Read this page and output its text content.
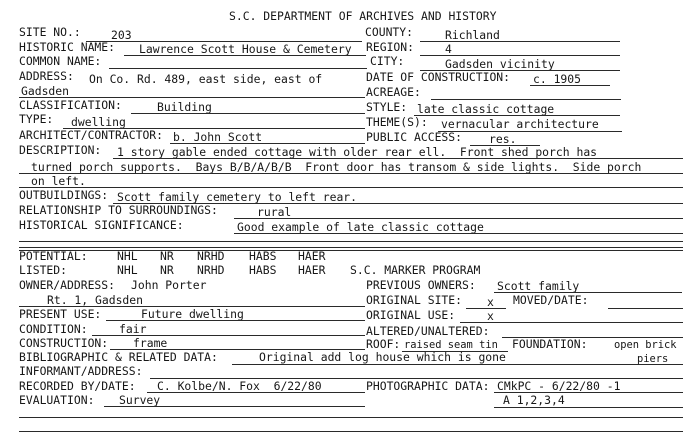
S.C. DEPARTMENT OF ARCHIVES AND HISTORY
SITE NO.:	203	COUNTY:	Richland
HISTORIC NAME: Lawrence Scott House & Cemetery REGION:	4
COMMON NAME:	CITY:	Gadsden vicinity
ADDRESS: On Co. Rd. 489, east side, east of
Gadsden
DATE OF CONSTRUCTION: c. 1905
ACREAGE:
CLASSIFICATION:	Building	STYLE: late classic cottage
TYPE: dwelling	THEME(S): vernacular architecture
ARCHITECT/CONTRACTOR: b. John Scott	PUBLIC ACCESS: res.
DESCRIPTION: 1 story gable ended cottage with older rear ell.  Front shed porch has
turned porch supports.  Bays B/B/A/B/B  Front door has transom & side lights.  Side porch
on left.
OUTBUILDINGS: Scott family cemetery to left rear.
RELATIONSHIP TO SURROUNDINGS:	rural
HISTORICAL SIGNIFICANCE:	Good example of late classic cottage
POTENTIAL:	NHL NR NRHD HABS HAER
LISTED:	NHL NR NRHD HABS HAER S.C. MARKER PROGRAM
OWNER/ADDRESS: John Porter
Rt. 1, Gadsden
PREVIOUS OWNERS: Scott family
ORIGINAL SITE: x MOVED/DATE:
PRESENT USE:	Future dwelling	ORIGINAL USE:	x
CONDITION:	fair	ALTERED/UNALTERED:
CONSTRUCTION: frame	ROOF: raised seam tin FOUNDATION:	open brick
piers
BIBLIOGRAPHIC & RELATED DATA:	Original add log house which is gone
INFORMANT/ADDRESS:
RECORDED BY/DATE: C. Kolbe/N. Fox  6/22/80	PHOTOGRAPHIC DATA: CMkPC - 6/22/80 -1
A 1,2,3,4
EVALUATION: Survey
